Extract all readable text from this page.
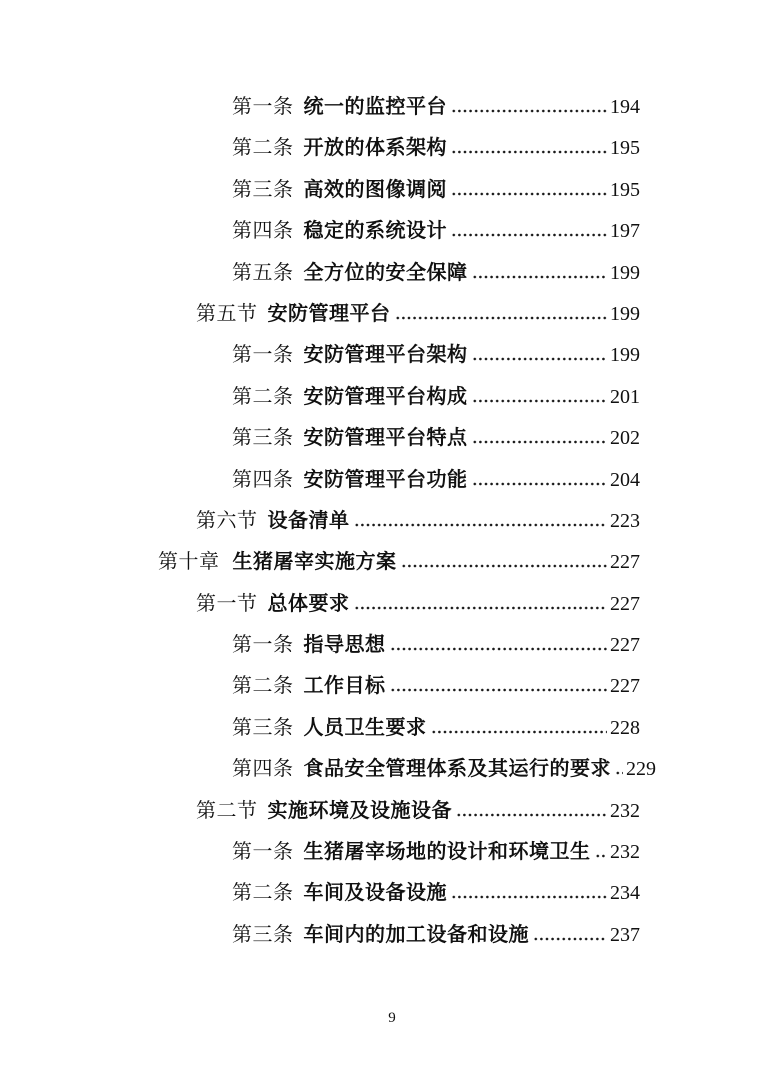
第一条 统一的监控平台	194
第二条 开放的体系架构	195
第三条 高效的图像调阅	195
第四条 稳定的系统设计	197
第五条 全方位的安全保障	199
第五节 安防管理平台	199
第一条 安防管理平台架构	199
第二条 安防管理平台构成	201
第三条 安防管理平台特点	202
第四条 安防管理平台功能	204
第六节 设备清单	223
第十章 生猪屠宰实施方案	227
第一节 总体要求	227
第一条 指导思想	227
第二条 工作目标	227
第三条 人员卫生要求	228
第四条 食品安全管理体系及其运行的要求 229
第二节 实施环境及设施设备	232
第一条 生猪屠宰场地的设计和环境卫生 232
第二条 车间及设备设施	234
第三条 车间内的加工设备和设施	237
9
